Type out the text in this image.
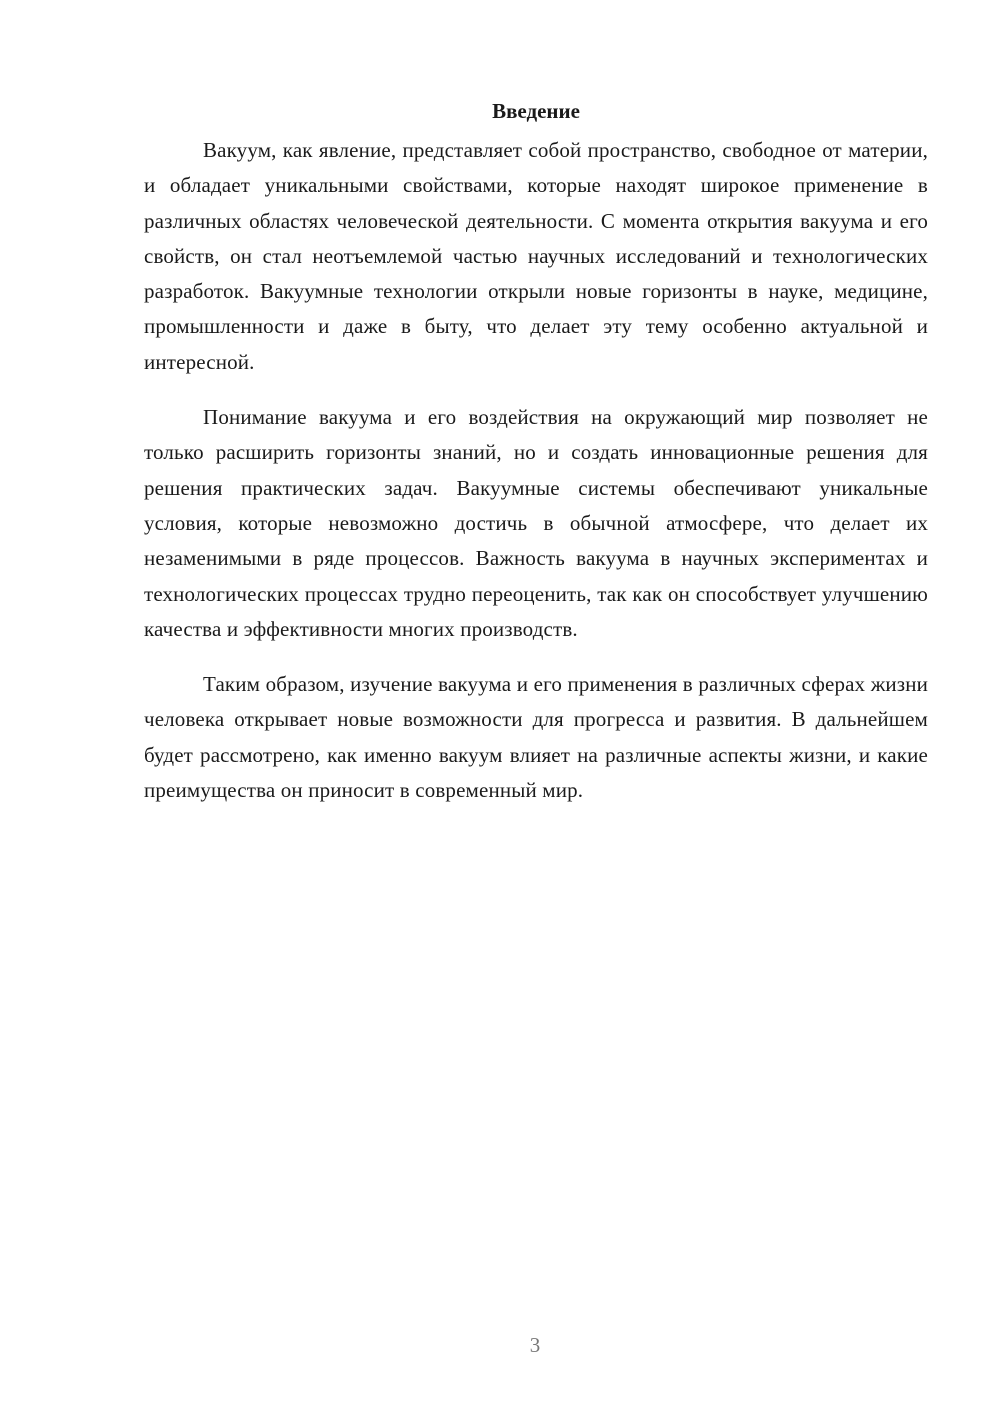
Введение

Вакуум, как явление, представляет собой пространство, свободное от материи, и обладает уникальными свойствами, которые находят широкое применение в различных областях человеческой деятельности. С момента открытия вакуума и его свойств, он стал неотъемлемой частью научных исследований и технологических разработок. Вакуумные технологии открыли новые горизонты в науке, медицине, промышленности и даже в быту, что делает эту тему особенно актуальной и интересной.

Понимание вакуума и его воздействия на окружающий мир позволяет не только расширить горизонты знаний, но и создать инновационные решения для решения практических задач. Вакуумные системы обеспечивают уникальные условия, которые невозможно достичь в обычной атмосфере, что делает их незаменимыми в ряде процессов. Важность вакуума в научных экспериментах и технологических процессах трудно переоценить, так как он способствует улучшению качества и эффективности многих производств.

Таким образом, изучение вакуума и его применения в различных сферах жизни человека открывает новые возможности для прогресса и развития. В дальнейшем будет рассмотрено, как именно вакуум влияет на различные аспекты жизни, и какие преимущества он приносит в современный мир.

3
